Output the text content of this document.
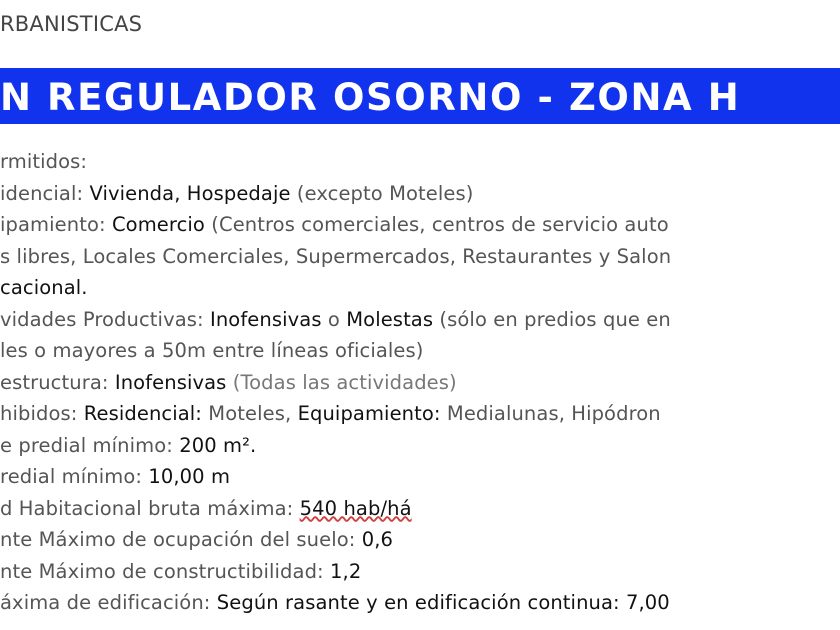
RBANISTICAS
N REGULADOR OSORNO - ZONA H
rmitidos:
idencial: Vivienda, Hospedaje (excepto Moteles)
ipamiento: Comercio (Centros comerciales, centros de servicio auto
s libres, Locales Comerciales, Supermercados, Restaurantes y Salon
cacional.
vidades Productivas: Inofensivas o Molestas (sólo en predios que en
les o mayores a 50m entre líneas oficiales)
estructura: Inofensivas (Todas las actividades)
hibidos: Residencial: Moteles, Equipamiento: Medialunas, Hipódron
e predial mínimo: 200 m².
redial mínimo: 10,00 m
d Habitacional bruta máxima: 540 hab/há
nte Máximo de ocupación del suelo: 0,6
nte Máximo de constructibilidad: 1,2
áxima de edificación: Según rasante y en edificación continua: 7,00
